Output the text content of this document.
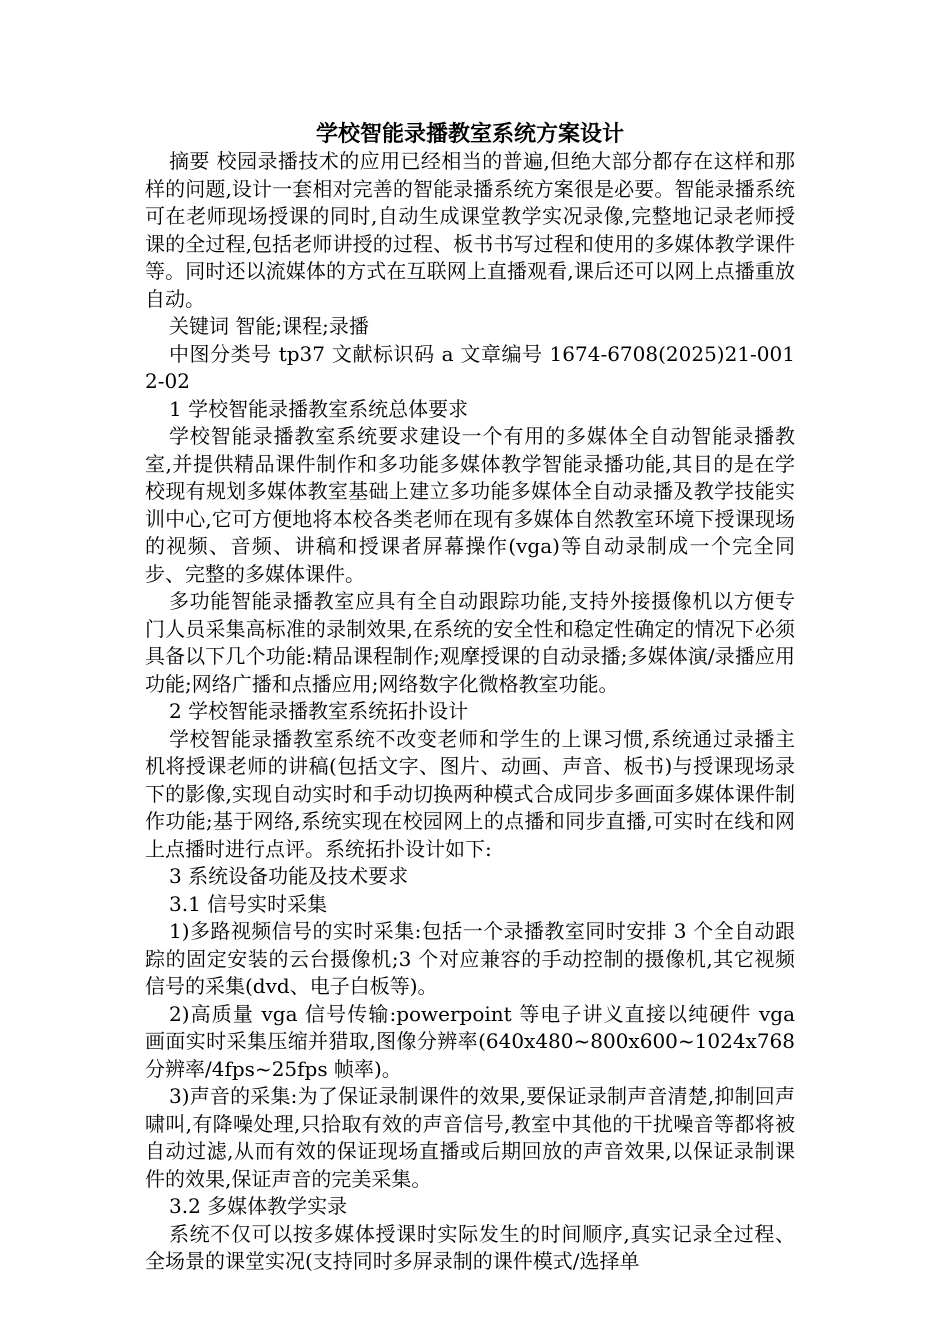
学校智能录播教室系统方案设计

摘要 校园录播技术的应用已经相当的普遍,但绝大部分都存在这样和那样的问题,设计一套相对完善的智能录播系统方案很是必要。智能录播系统可在老师现场授课的同时,自动生成课堂教学实况录像,完整地记录老师授课的全过程,包括老师讲授的过程、板书书写过程和使用的多媒体教学课件等。同时还以流媒体的方式在互联网上直播观看,课后还可以网上点播重放自动。

关键词 智能;课程;录播

中图分类号 tp37 文献标识码 a 文章编号 1674-6708(2025)21-0012-02

1 学校智能录播教室系统总体要求

学校智能录播教室系统要求建设一个有用的多媒体全自动智能录播教室,并提供精品课件制作和多功能多媒体教学智能录播功能,其目的是在学校现有规划多媒体教室基础上建立多功能多媒体全自动录播及教学技能实训中心,它可方便地将本校各类老师在现有多媒体自然教室环境下授课现场的视频、音频、讲稿和授课者屏幕操作(vga)等自动录制成一个完全同步、完整的多媒体课件。

多功能智能录播教室应具有全自动跟踪功能,支持外接摄像机以方便专门人员采集高标准的录制效果,在系统的安全性和稳定性确定的情况下必须具备以下几个功能:精品课程制作;观摩授课的自动录播;多媒体演/录播应用功能;网络广播和点播应用;网络数字化微格教室功能。

2 学校智能录播教室系统拓扑设计

学校智能录播教室系统不改变老师和学生的上课习惯,系统通过录播主机将授课老师的讲稿(包括文字、图片、动画、声音、板书)与授课现场录下的影像,实现自动实时和手动切换两种模式合成同步多画面多媒体课件制作功能;基于网络,系统实现在校园网上的点播和同步直播,可实时在线和网上点播时进行点评。系统拓扑设计如下:

3 系统设备功能及技术要求

3.1 信号实时采集

1)多路视频信号的实时采集:包括一个录播教室同时安排 3 个全自动跟踪的固定安装的云台摄像机;3 个对应兼容的手动控制的摄像机,其它视频信号的采集(dvd、电子白板等)。

2)高质量 vga 信号传输:powerpoint 等电子讲义直接以纯硬件 vga 画面实时采集压缩并猎取,图像分辨率(640x480~800x600~1024x768 分辨率/4fps~25fps 帧率)。

3)声音的采集:为了保证录制课件的效果,要保证录制声音清楚,抑制回声啸叫,有降噪处理,只拾取有效的声音信号,教室中其他的干扰噪音等都将被自动过滤,从而有效的保证现场直播或后期回放的声音效果,以保证录制课件的效果,保证声音的完美采集。

3.2 多媒体教学实录

系统不仅可以按多媒体授课时实际发生的时间顺序,真实记录全过程、全场景的课堂实况(支持同时多屏录制的课件模式/选择单
